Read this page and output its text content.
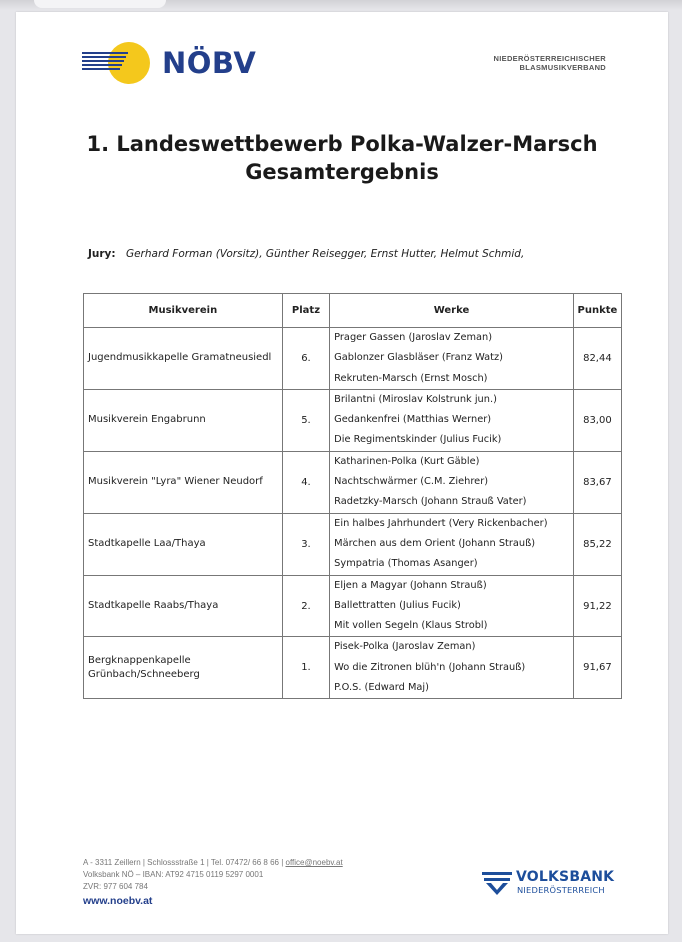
NÖBV	NIEDERÖSTERREICHISCHER
BLASMUSIKVERBAND
1. Landeswettbewerb Polka-Walzer-Marsch
Gesamtergebnis
Jury: Gerhard Forman (Vorsitz), Günther Reisegger, Ernst Hutter, Helmut Schmid,
Musikverein	Platz	Werke	Punkte
Jugendmusikkapelle Gramatneusiedl	6.	Prager Gassen (Jaroslav Zeman)
Gablonzer Glasbläser (Franz Watz)
Rekruten-Marsch (Ernst Mosch)	82,44
Musikverein Engabrunn	5.	Brilantni (Miroslav Kolstrunk jun.)
Gedankenfrei (Matthias Werner)
Die Regimentskinder (Julius Fucik)	83,00
Musikverein "Lyra" Wiener Neudorf	4.	Katharinen-Polka (Kurt Gäble)
Nachtschwärmer (C.M. Ziehrer)
Radetzky-Marsch (Johann Strauß Vater)	83,67
Stadtkapelle Laa/Thaya	3.	Ein halbes Jahrhundert (Very Rickenbacher)
Märchen aus dem Orient (Johann Strauß)
Sympatria (Thomas Asanger)	85,22
Stadtkapelle Raabs/Thaya	2.	Eljen a Magyar (Johann Strauß)
Ballettratten (Julius Fucik)
Mit vollen Segeln (Klaus Strobl)	91,22
Bergknappenkapelle Grünbach/Schneeberg	1.	Pisek-Polka (Jaroslav Zeman)
Wo die Zitronen blüh'n (Johann Strauß)
P.O.S. (Edward Maj)	91,67
A - 3311 Zeillern | Schlossstraße 1 | Tel. 07472/ 66 8 66 | office@noebv.at
Volksbank NÖ – IBAN: AT92 4715 0119 5297 0001
ZVR: 977 604 784
www.noebv.at
VOLKSBANK
NIEDERÖSTERREICH
